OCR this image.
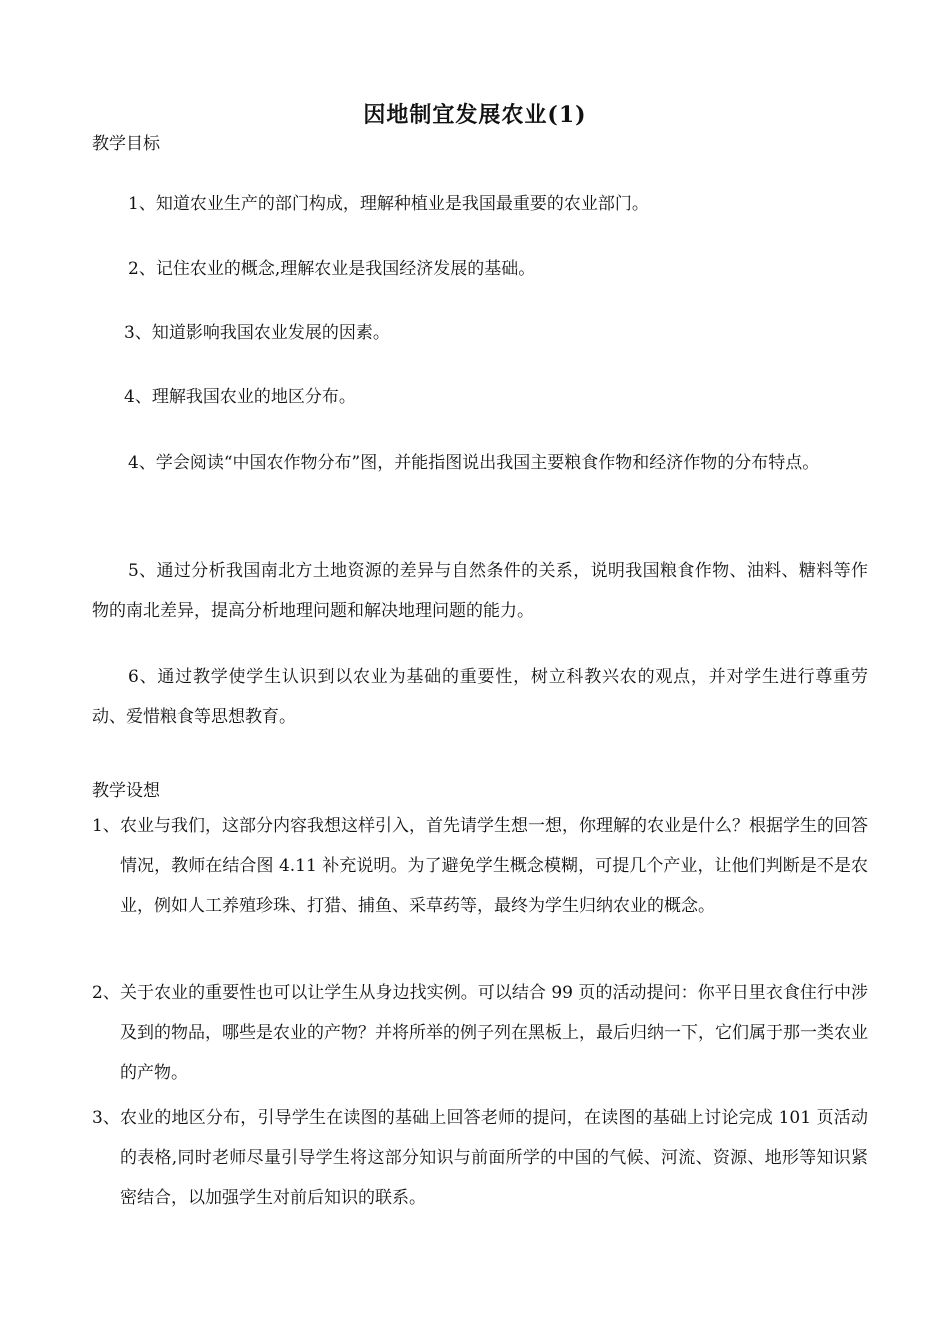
因地制宜发展农业(1)
教学目标
1、知道农业生产的部门构成，理解种植业是我国最重要的农业部门。
2、记住农业的概念,理解农业是我国经济发展的基础。
3、知道影响我国农业发展的因素。
4、理解我国农业的地区分布。
4、学会阅读“中国农作物分布”图，并能指图说出我国主要粮食作物和经济作物的分布特点。
5、通过分析我国南北方土地资源的差异与自然条件的关系，说明我国粮食作物、油料、糖料等作物的南北差异，提高分析地理问题和解决地理问题的能力。
6、通过教学使学生认识到以农业为基础的重要性，树立科教兴农的观点，并对学生进行尊重劳动、爱惜粮食等思想教育。
教学设想
1、 农业与我们，这部分内容我想这样引入，首先请学生想一想，你理解的农业是什么？根据学生的回答情况，教师在结合图 4.11 补充说明。为了避免学生概念模糊，可提几个产业，让他们判断是不是农业，例如人工养殖珍珠、打猎、捕鱼、采草药等，最终为学生归纳农业的概念。
2、 关于农业的重要性也可以让学生从身边找实例。可以结合 99 页的活动提问：你平日里衣食住行中涉及到的物品，哪些是农业的产物？并将所举的例子列在黑板上，最后归纳一下，它们属于那一类农业的产物。
3、 农业的地区分布，引导学生在读图的基础上回答老师的提问，在读图的基础上讨论完成 101 页活动的表格,同时老师尽量引导学生将这部分知识与前面所学的中国的气候、河流、资源、地形等知识紧密结合，以加强学生对前后知识的联系。
